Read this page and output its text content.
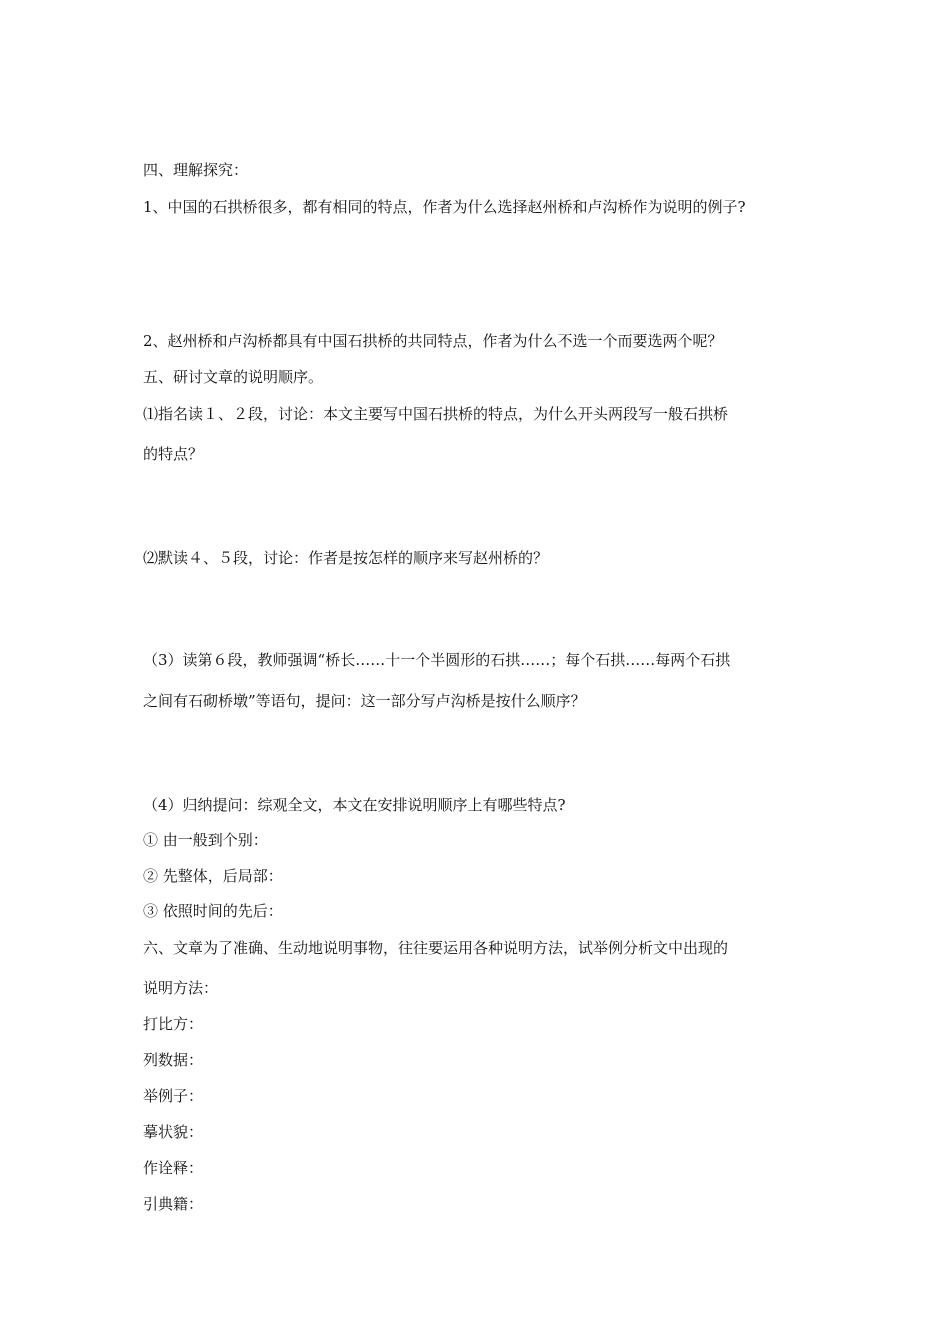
四、理解探究：
1、中国的石拱桥很多，都有相同的特点，作者为什么选择赵州桥和卢沟桥作为说明的例子?
2、赵州桥和卢沟桥都具有中国石拱桥的共同特点，作者为什么不选一个而要选两个呢？
五、研讨文章的说明顺序。
⑴指名读１、２段，讨论：本文主要写中国石拱桥的特点，为什么开头两段写一般石拱桥
的特点？
⑵默读４、５段，讨论：作者是按怎样的顺序来写赵州桥的？
（3）读第６段，教师强调“桥长……十一个半圆形的石拱……；每个石拱……每两个石拱
之间有石砌桥墩”等语句，提问：这一部分写卢沟桥是按什么顺序？
（4）归纳提问：综观全文，本文在安排说明顺序上有哪些特点?
① 由一般到个别：
② 先整体，后局部：
③ 依照时间的先后：
六、文章为了准确、生动地说明事物，往往要运用各种说明方法，试举例分析文中出现的
说明方法：
打比方：
列数据：
举例子：
摹状貌：
作诠释：
引典籍：
